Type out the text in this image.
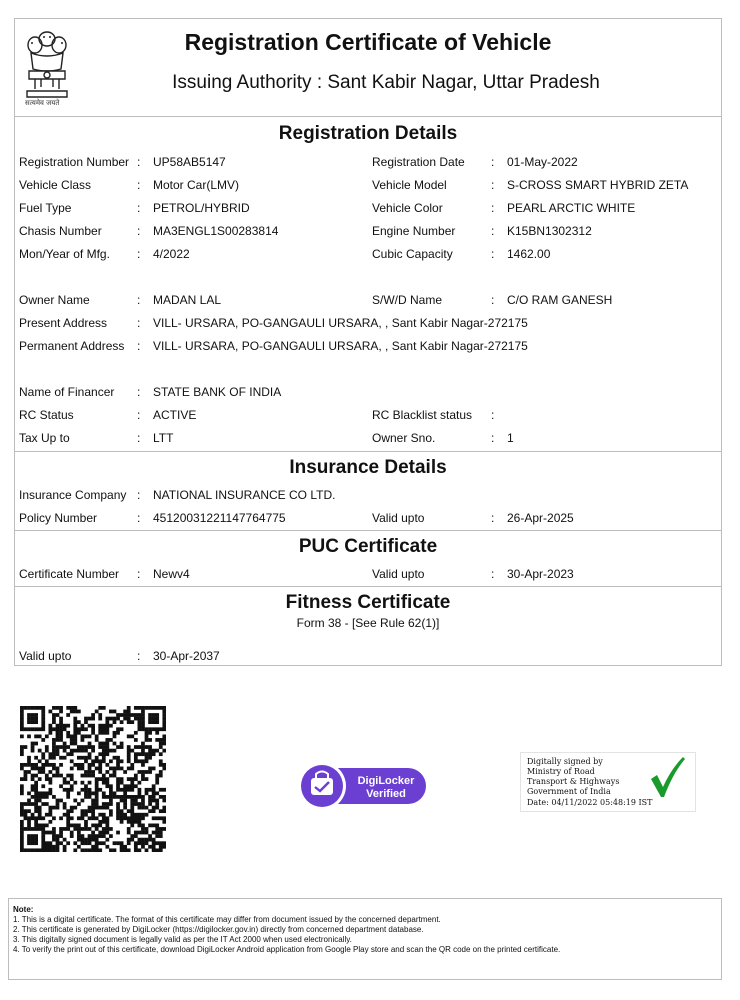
सत्यमेव जयते
Registration Certificate of Vehicle
Issuing Authority : Sant Kabir Nagar, Uttar Pradesh
Registration Details
Registration Number :	UP58AB5147	Registration Date :	01-May-2022
Vehicle Class	:	Motor Car(LMV)	Vehicle Model	:	S-CROSS SMART HYBRID ZETA
Fuel Type	:	PETROL/HYBRID	Vehicle Color	:	PEARL ARCTIC WHITE
Chasis Number	:	MA3ENGL1S00283814	Engine Number	:	K15BN1302312
Mon/Year of Mfg. :	4/2022	Cubic Capacity	:	1462.00
Owner Name	:	MADAN LAL	S/W/D Name	:	C/O RAM GANESH
Present Address :	VILL- URSARA, PO-GANGAULI URSARA, , Sant Kabir Nagar-272175
Permanent Address :	VILL- URSARA, PO-GANGAULI URSARA, , Sant Kabir Nagar-272175
Name of Financer :	STATE BANK OF INDIA
RC Status	:	ACTIVE	RC Blacklist status :
Tax Up to	:	LTT	Owner Sno.	:	1
Insurance Details
Insurance Company :	NATIONAL INSURANCE CO LTD.
Policy Number	:	45120031221147764775	Valid upto	:	26-Apr-2025
PUC Certificate
Certificate Number :	Newv4	Valid upto	:	30-Apr-2023
Fitness Certificate
Form 38 - [See Rule 62(1)]
Valid upto	:	30-Apr-2037
DigiLocker
Verified
Digitally signed by
Ministry of Road
Transport & Highways
Government of India
Date: 04/11/2022 05:48:19 IST
Note:
1. This is a digital certificate. The format of this certificate may differ from document issued by the concerned department.
2. This certificate is generated by DigiLocker (https://digilocker.gov.in) directly from concerned department database.
3. This digitally signed document is legally valid as per the IT Act 2000 when used electronically.
4. To verify the print out of this certificate, download DigiLocker Android application from Google Play store and scan the QR code on the printed certificate.
